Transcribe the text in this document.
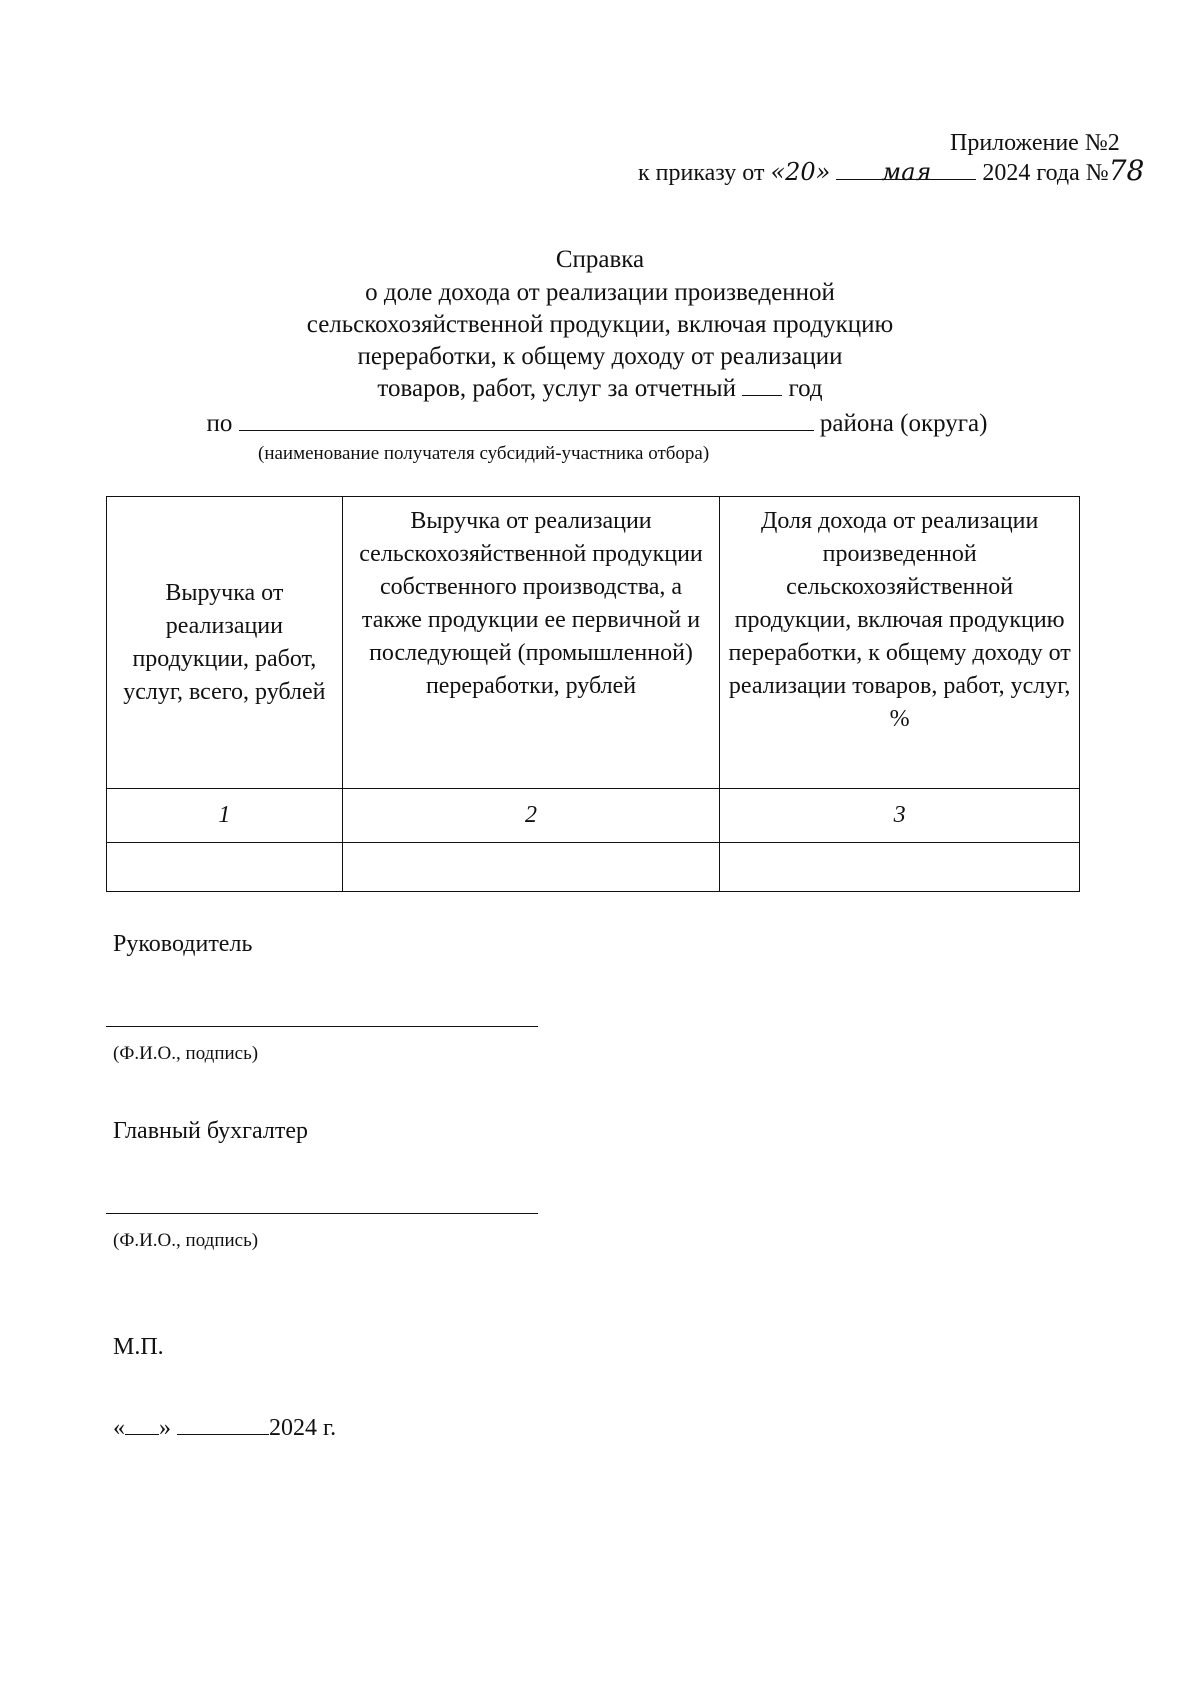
Приложение №2
к приказу от «20» мая 2024 года №78
Справка
о доле дохода от реализации произведенной
сельскохозяйственной продукции, включая продукцию
переработки, к общему доходу от реализации
товаров, работ, услуг за отчетный год
по	района (округа)
(наименование получателя субсидий-участника отбора)
Выручка от реализации продукции, работ, услуг, всего, рублей	Выручка от реализации сельскохозяйственной продукции собственного производства, а также продукции ее первичной и последующей (промышленной) переработки, рублей	Доля дохода от реализации произведенной сельскохозяйственной продукции, включая продукцию переработки, к общему доходу от реализации товаров, работ, услуг, %
1	2	3

Руководитель
(Ф.И.О., подпись)
Главный бухгалтер
(Ф.И.О., подпись)
М.П.
« »	2024 г.
